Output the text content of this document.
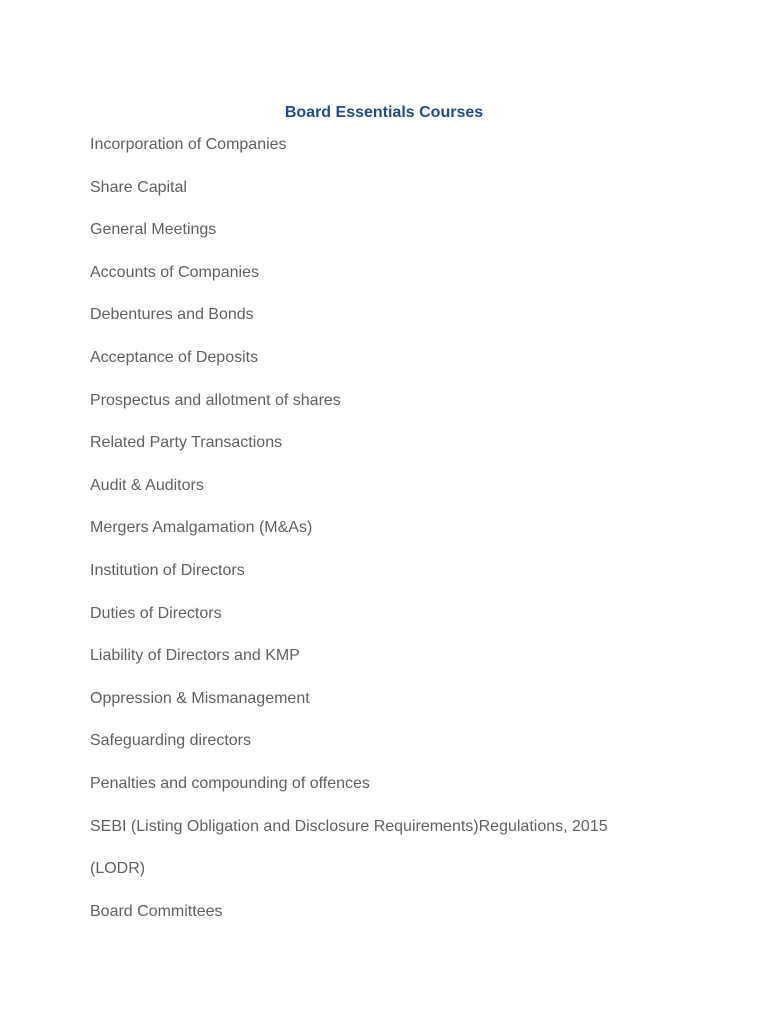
Board Essentials Courses
Incorporation of Companies
Share Capital
General Meetings
Accounts of Companies
Debentures and Bonds
Acceptance of Deposits
Prospectus and allotment of shares
Related Party Transactions
Audit & Auditors
Mergers Amalgamation (M&As)
Institution of Directors
Duties of Directors
Liability of Directors and KMP
Oppression & Mismanagement
Safeguarding directors
Penalties and compounding of offences
SEBI (Listing Obligation and Disclosure Requirements)Regulations, 2015
(LODR)
Board Committees
